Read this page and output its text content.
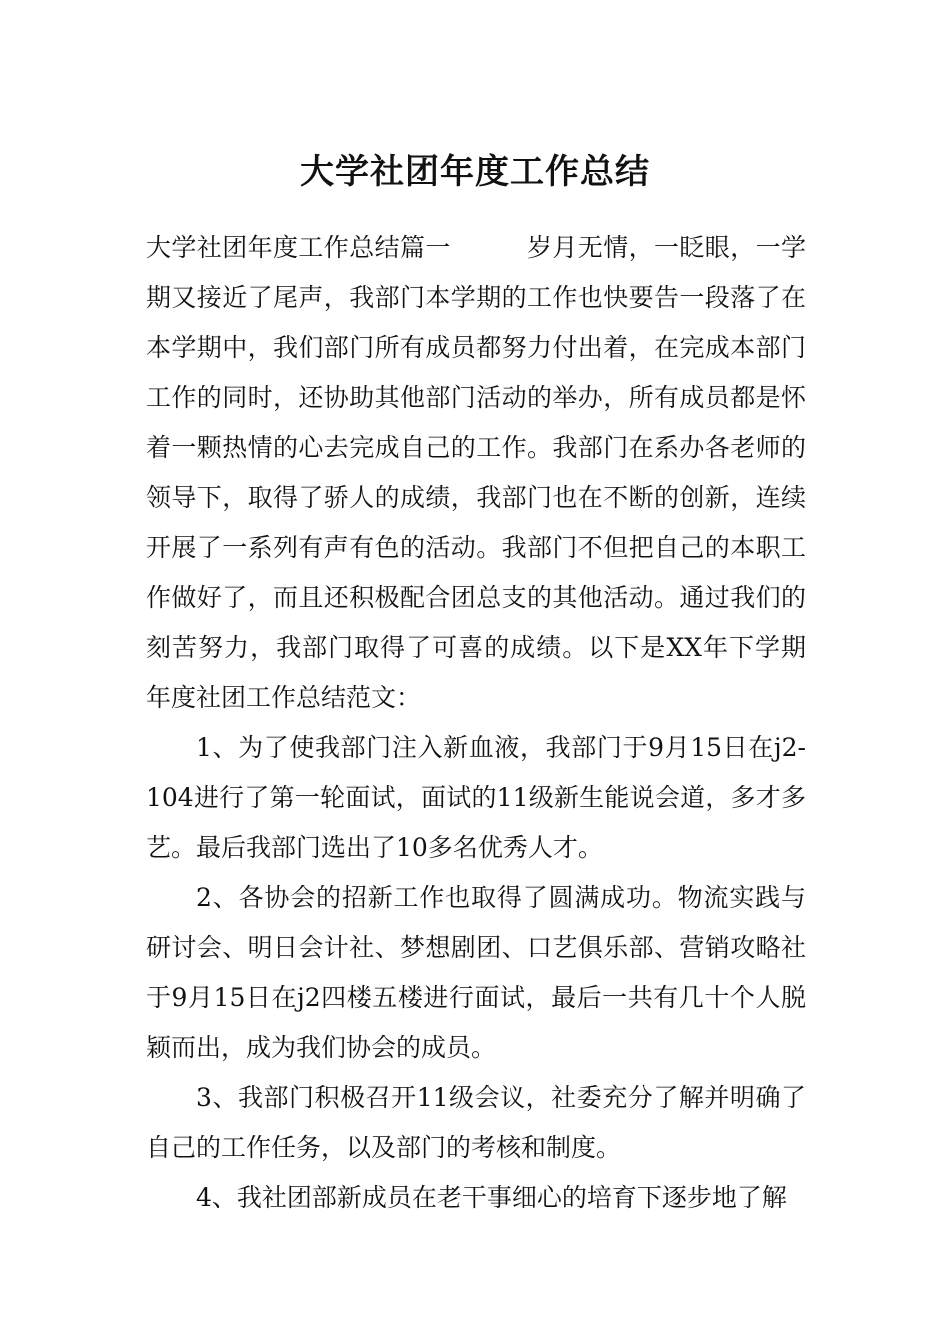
大学社团年度工作总结

大学社团年度工作总结篇一　　　岁月无情，一眨眼，一学期又接近了尾声，我部门本学期的工作也快要告一段落了在本学期中，我们部门所有成员都努力付出着，在完成本部门工作的同时，还协助其他部门活动的举办，所有成员都是怀着一颗热情的心去完成自己的工作。我部门在系办各老师的领导下，取得了骄人的成绩，我部门也在不断的创新，连续开展了一系列有声有色的活动。我部门不但把自己的本职工作做好了，而且还积极配合团总支的其他活动。通过我们的刻苦努力，我部门取得了可喜的成绩。以下是XX年下学期年度社团工作总结范文：

1、为了使我部门注入新血液，我部门于9月15日在j2-104进行了第一轮面试，面试的11级新生能说会道，多才多艺。最后我部门选出了10多名优秀人才。

2、各协会的招新工作也取得了圆满成功。物流实践与研讨会、明日会计社、梦想剧团、口艺俱乐部、营销攻略社于9月15日在j2四楼五楼进行面试，最后一共有几十个人脱颖而出，成为我们协会的成员。

3、我部门积极召开11级会议，社委充分了解并明确了自己的工作任务，以及部门的考核和制度。

4、我社团部新成员在老干事细心的培育下逐步地了解
